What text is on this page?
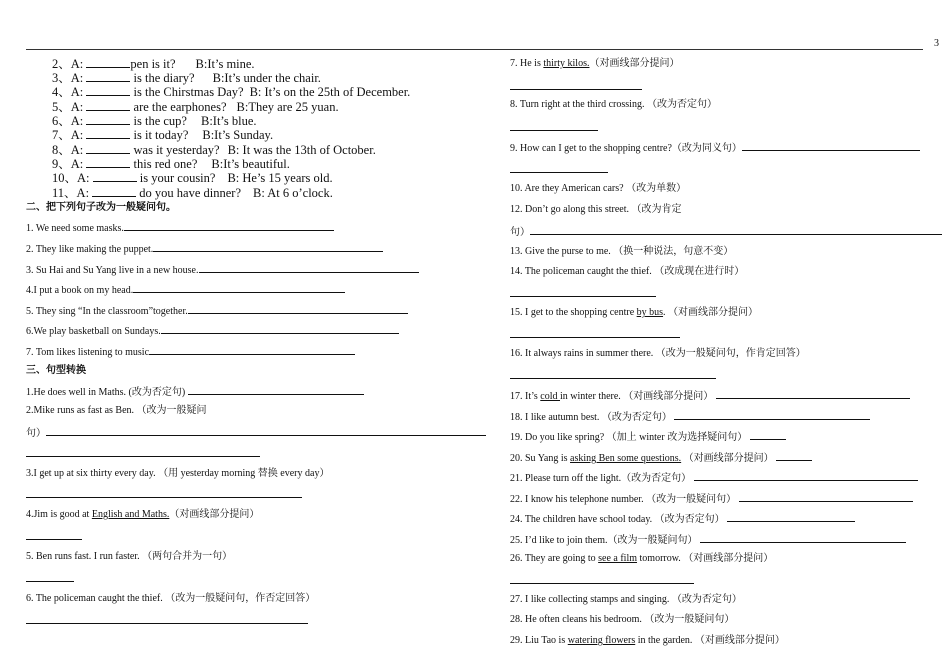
3
2、A:	pen is it? B:It’s mine.
3、A:	is the diary? B:It’s under the chair.
4、A:	is the Chirstmas Day? B: It’s on the 25th of December.
5、A:	are the earphones? B:They are 25 yuan.
6、A:	is the cup? B:It’s blue.
7、A:	is it today? B:It’s Sunday.
8、A:	was it yesterday? B: It was the 13th of October.
9、A:	this red one? B:It’s beautiful.
10、A:	is your cousin? B: He’s 15 years old.
11、A:	do you have dinner? B: At 6 o’clock.
二、把下列句子改为一般疑问句。
1. We need some masks.
2. They like making the puppet.
3. Su Hai and Su Yang live in a new house.
4.I put a book on my head.
5. They sing “In the classroom”together.
6.We play basketball on Sundays.
7. Tom likes listening to music
三、句型转换
1.He does well in Maths. (改为否定句)
2.Mike runs as fast as Ben. （改为一般疑问
句）
3.I get up at six thirty every day. （用 yesterday morning 替换 every day）
4.Jim is good at English and Maths.（对画线部分提问）
5. Ben runs fast. I run faster. （两句合并为一句）
6. The policeman caught the thief. （改为一般疑问句，作否定回答）
7. He is thirty kilos.（对画线部分提问）
8. Turn right at the third crossing. （改为否定句）
9. How can I get to the shopping centre?（改为同义句）
10. Are they American cars? （改为单数）
12. Don’t go along this street. （改为肯定
句）
13. Give the purse to me. （换一种说法，句意不变）
14. The policeman caught the thief. （改成现在进行时）
15. I get to the shopping centre by bus. （对画线部分提问）
16. It always rains in summer there. （改为一般疑问句，作肯定回答）
17. It’s cold in winter there. （对画线部分提问）
18. I like autumn best. （改为否定句）
19. Do you like spring? （加上 winter 改为选择疑问句）
20. Su Yang is asking Ben some questions. （对画线部分提问）
21. Please turn off the light.（改为否定句）
22. I know his telephone number. （改为一般疑问句）
24. The children have school today. （改为否定句）
25. I’d like to join them.（改为一般疑问句）
26. They are going to see a film tomorrow. （对画线部分提问）
27. I like collecting stamps and singing. （改为否定句）
28. He often cleans his bedroom. （改为一般疑问句）
29. Liu Tao is watering flowers in the garden. （对画线部分提问）
